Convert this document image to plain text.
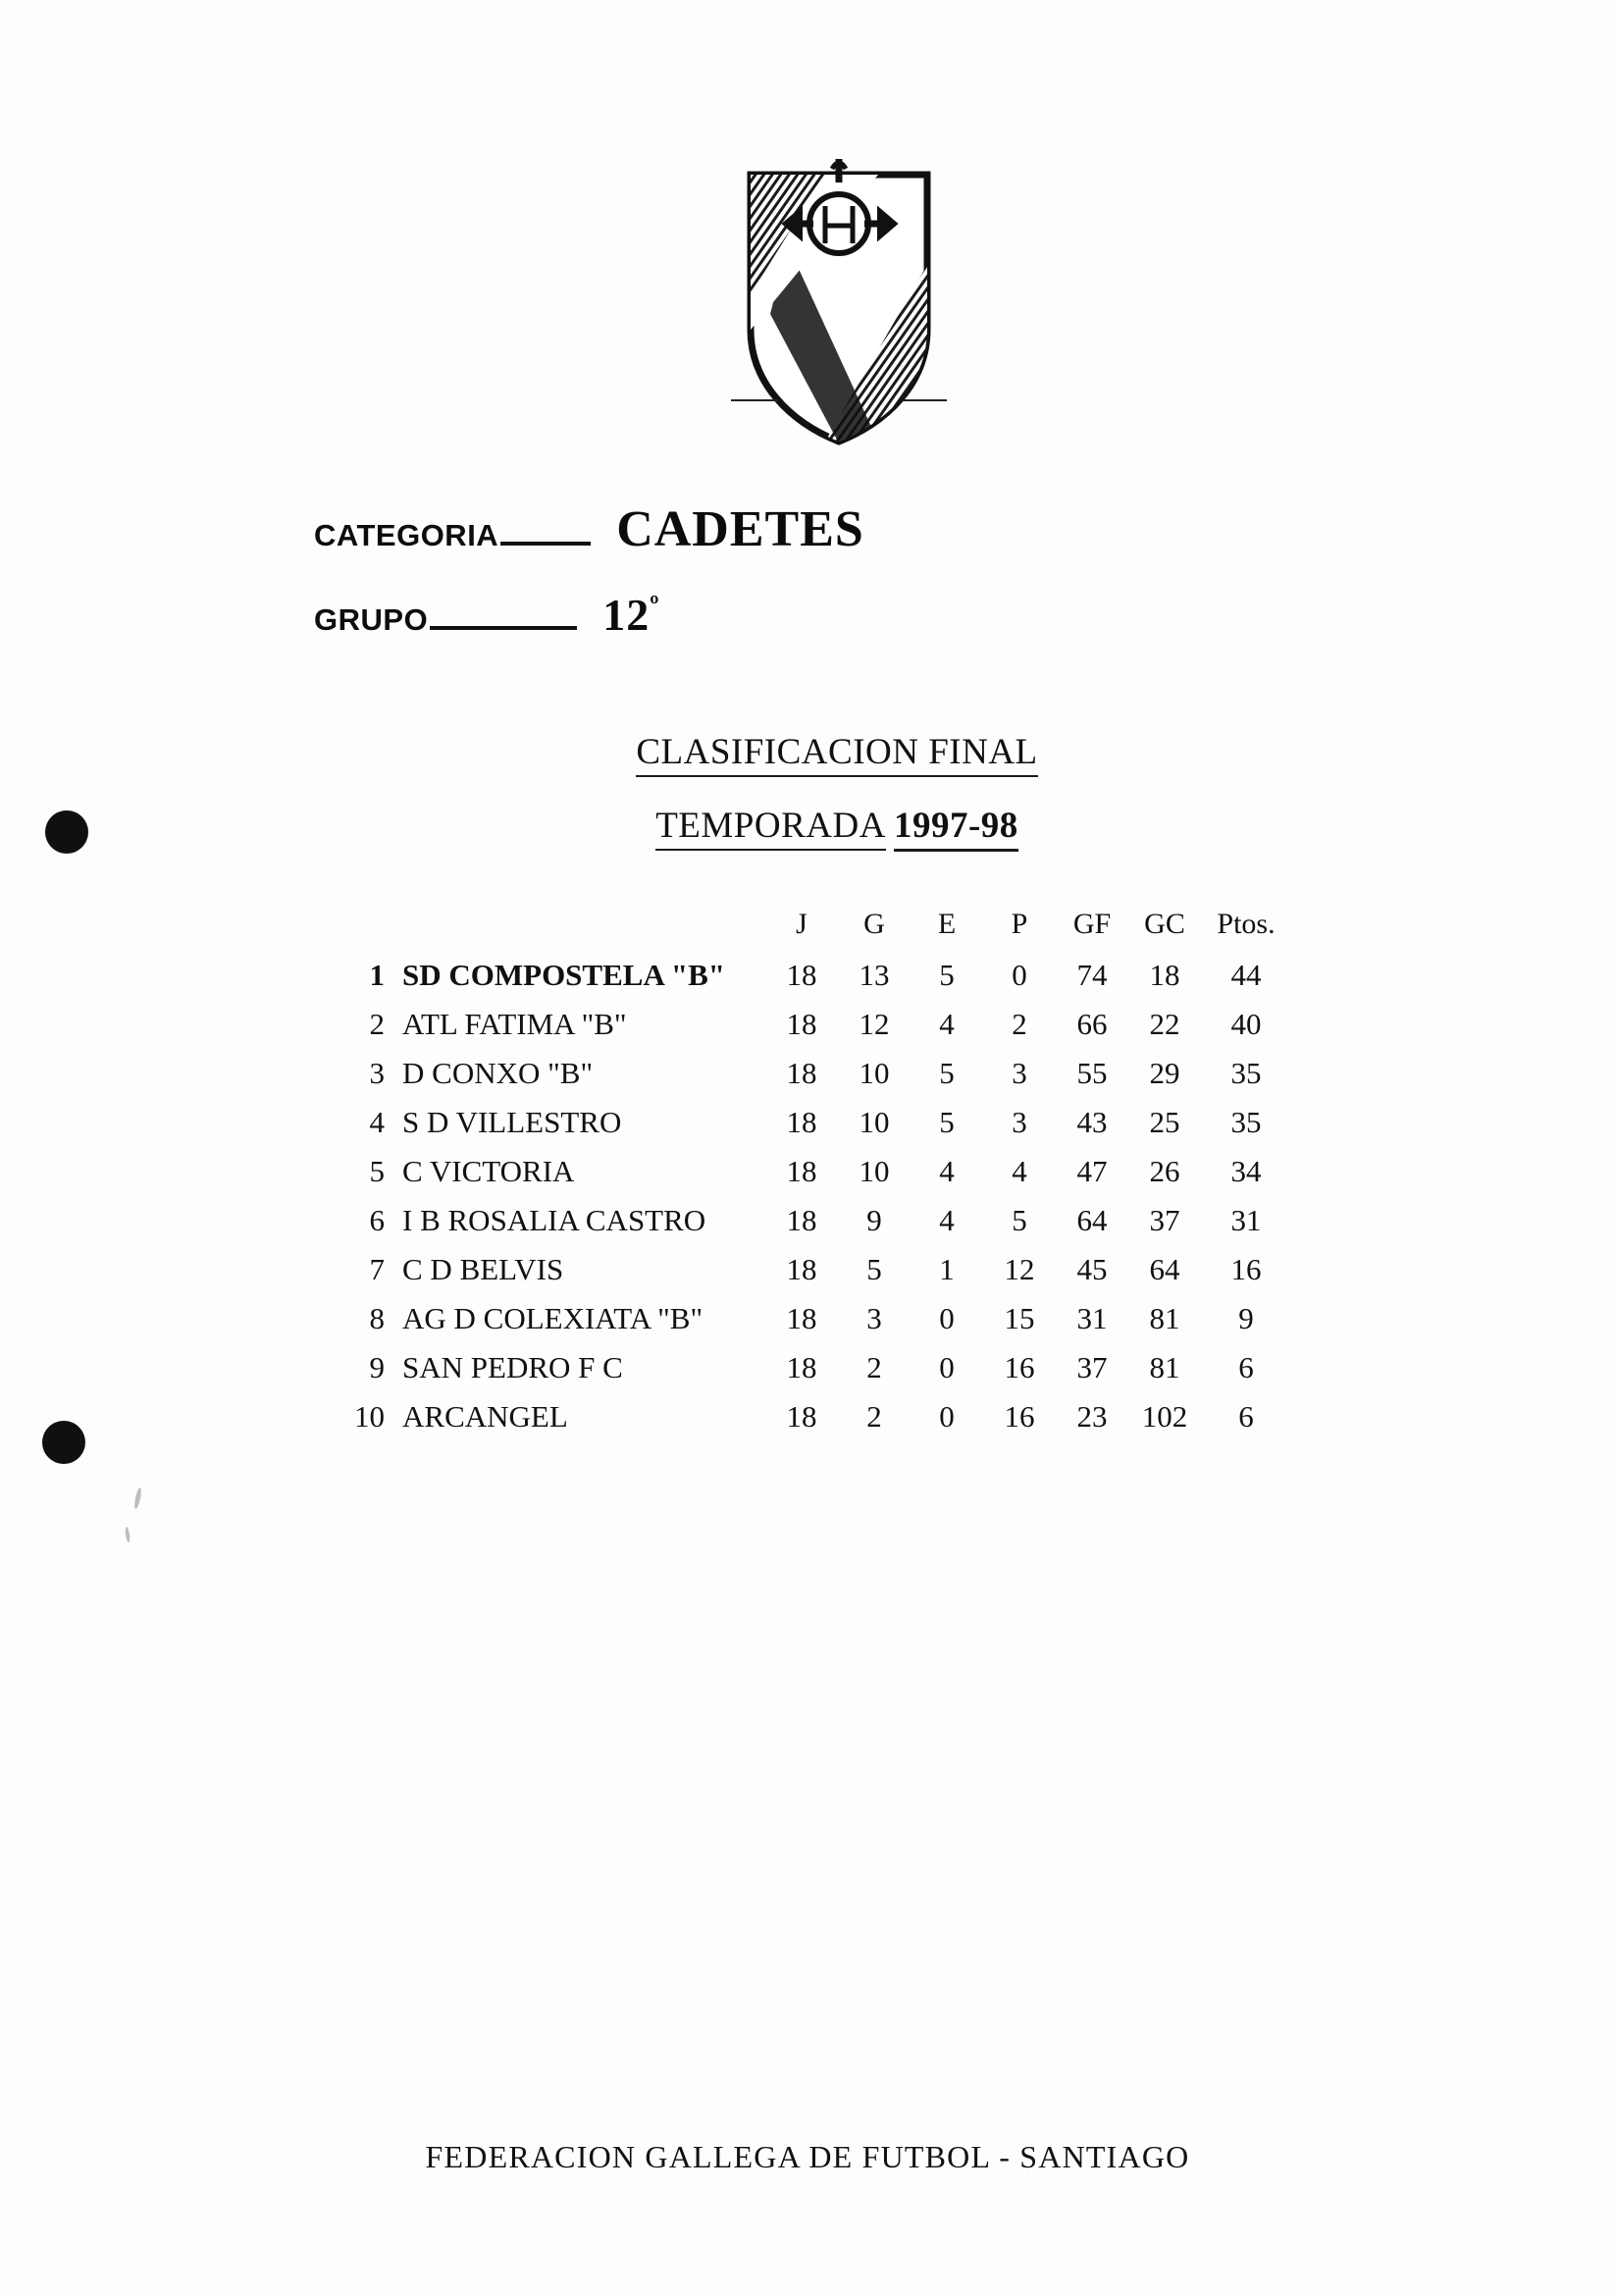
CATEGORIA CADETES
GRUPO	$12^º$
CLASIFICACION FINAL
TEMPORADA 1997-98
		J	G	E	P	GF	GC	Ptos.
1	SD COMPOSTELA "B"	18	13	5	0	74	18	44
2	ATL FATIMA "B"	18	12	4	2	66	22	40
3	D CONXO "B"	18	10	5	3	55	29	35
4	S D VILLESTRO	18	10	5	3	43	25	35
5	C VICTORIA	18	10	4	4	47	26	34
6	I B ROSALIA CASTRO	18	9	4	5	64	37	31
7	C D BELVIS	18	5	1	12	45	64	16
8	AG D COLEXIATA "B"	18	3	0	15	31	81	9
9	SAN PEDRO F C	18	2	0	16	37	81	6
10	ARCANGEL	18	2	0	16	23	102	6
FEDERACION GALLEGA DE FUTBOL - SANTIAGO
